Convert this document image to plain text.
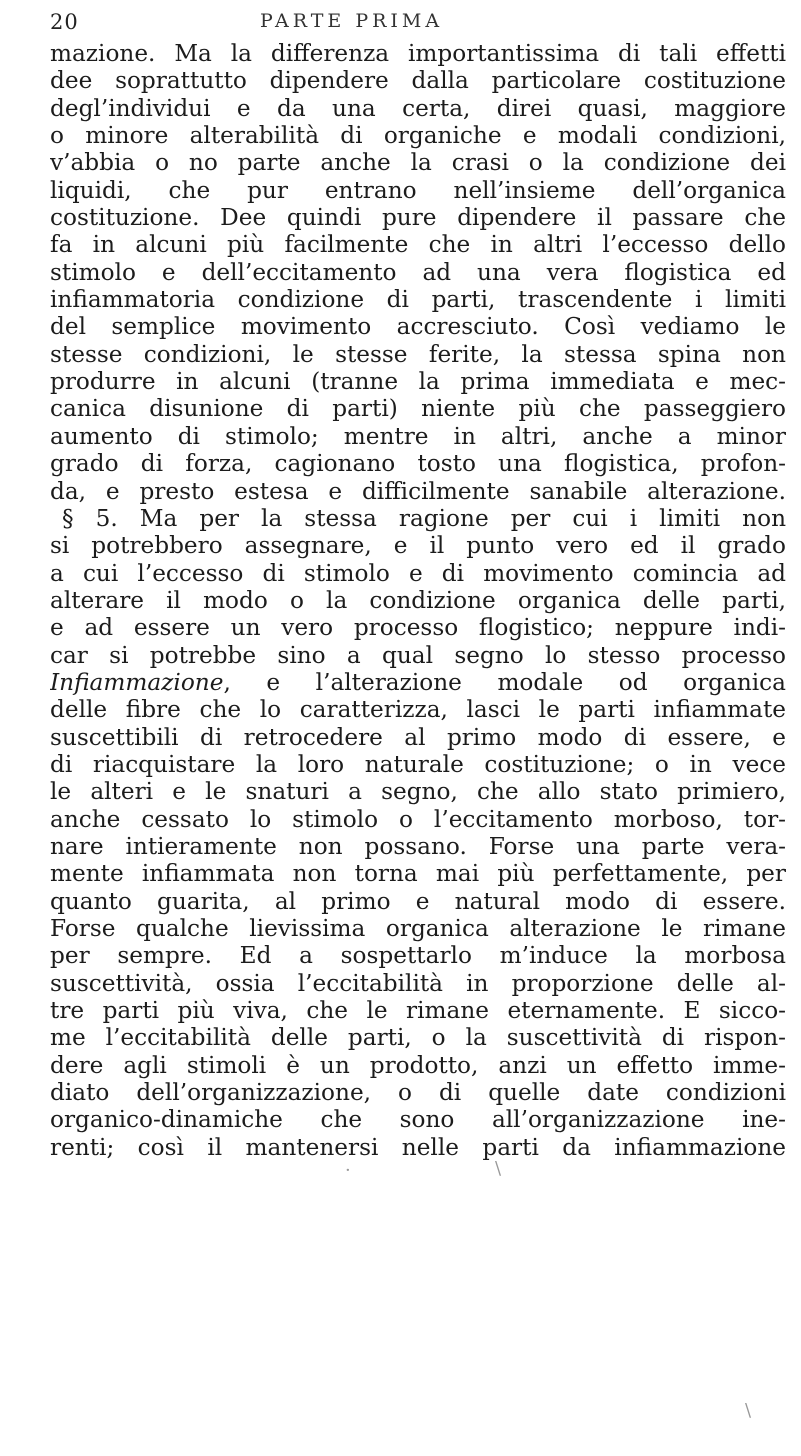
20	PARTE PRIMA
mazione. Ma la differenza importantissima di tali effetti
dee soprattutto dipendere dalla particolare costituzione
degl’individui e da una certa, direi quasi, maggiore
o minore alterabilità di organiche e modali condizioni,
v’abbia o no parte anche la crasi o la condizione dei
liquidi, che pur entrano nell’insieme dell’organica
costituzione. Dee quindi pure dipendere il passare che
fa in alcuni più facilmente che in altri l’eccesso dello
stimolo e dell’eccitamento ad una vera flogistica ed
infiammatoria condizione di parti, trascendente i limiti
del semplice movimento accresciuto. Così vediamo le
stesse condizioni, le stesse ferite, la stessa spina non
produrre in alcuni (tranne la prima immediata e mec-
canica disunione di parti) niente più che passeggiero
aumento di stimolo; mentre in altri, anche a minor
grado di forza, cagionano tosto una flogistica, profon-
da, e presto estesa e difficilmente sanabile alterazione.
§ 5. Ma per la stessa ragione per cui i limiti non
si potrebbero assegnare, e il punto vero ed il grado
a cui l’eccesso di stimolo e di movimento comincia ad
alterare il modo o la condizione organica delle parti,
e ad essere un vero processo flogistico; neppure indi-
car si potrebbe sino a qual segno lo stesso processo
Infiammazione, e l’alterazione modale od organica
delle fibre che lo caratterizza, lasci le parti infiammate
suscettibili di retrocedere al primo modo di essere, e
di riacquistare la loro naturale costituzione; o in vece
le alteri e le snaturi a segno, che allo stato primiero,
anche cessato lo stimolo o l’eccitamento morboso, tor-
nare intieramente non possano. Forse una parte vera-
mente infiammata non torna mai più perfettamente, per
quanto guarita, al primo e natural modo di essere.
Forse qualche lievissima organica alterazione le rimane
per sempre. Ed a sospettarlo m’induce la morbosa
suscettività, ossia l’eccitabilità in proporzione delle al-
tre parti più viva, che le rimane eternamente. E sicco-
me l’eccitabilità delle parti, o la suscettività di rispon-
dere agli stimoli è un prodotto, anzi un effetto imme-
diato dell’organizzazione, o di quelle date condizioni
organico-dinamiche che sono all’organizzazione ine-
renti; così il mantenersi nelle parti da infiammazione
·	\
\
